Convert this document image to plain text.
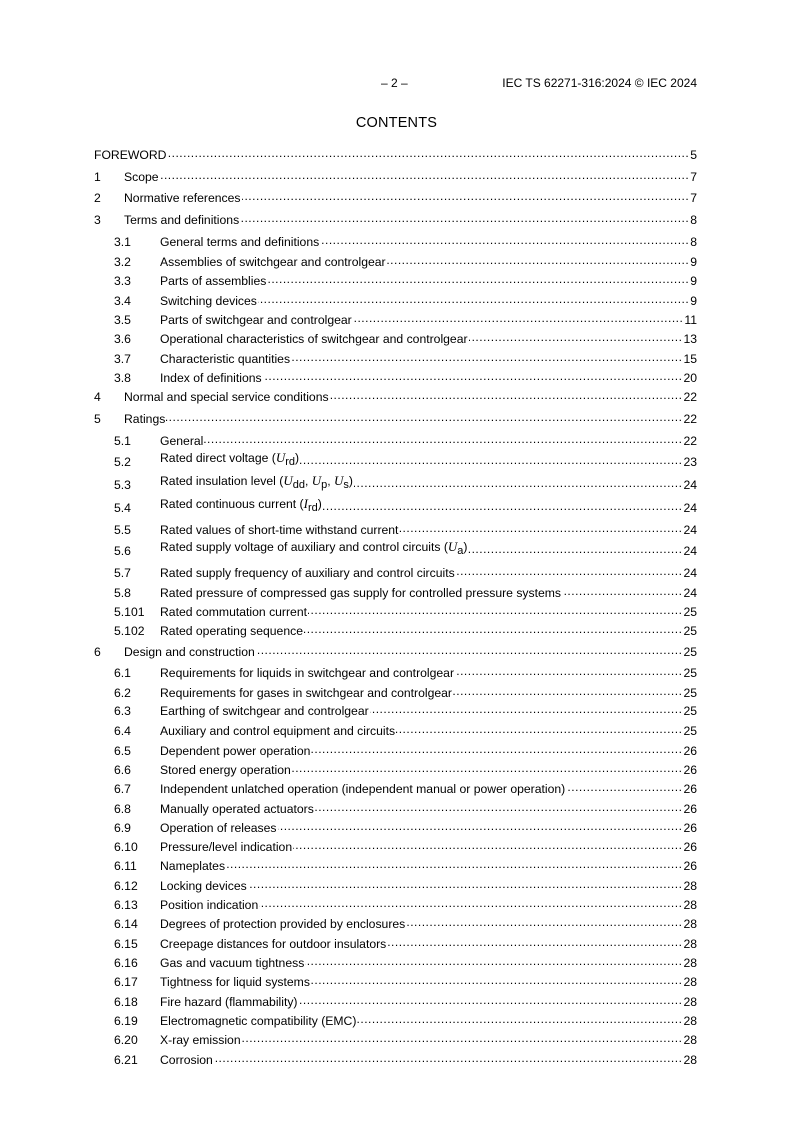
– 2 –	IEC TS 62271-316:2024 © IEC 2024
CONTENTS
FOREWORD .....	5
1	Scope .....	7
2	Normative references .....	7
3	Terms and definitions .....	8
3.1	General terms and definitions .....	8
3.2	Assemblies of switchgear and controlgear .....	9
3.3	Parts of assemblies .....	9
3.4	Switching devices .....	9
3.5	Parts of switchgear and controlgear .....	11
3.6	Operational characteristics of switchgear and controlgear .....	13
3.7	Characteristic quantities .....	15
3.8	Index of definitions .....	20
4	Normal and special service conditions .....	22
5	Ratings .....	22
5.1	General .....	22
5.2	Rated direct voltage $(U_{rd})$ .....	23
5.3	Rated insulation level ($U_{dd}$, $U_p$, $U_s$) .....	24
5.4	Rated continuous current $(I_{rd})$ .....	24
5.5	Rated values of short-time withstand current .....	24
5.6	Rated supply voltage of auxiliary and control circuits $(U_a)$ .....	24
5.7	Rated supply frequency of auxiliary and control circuits .....	24
5.8	Rated pressure of compressed gas supply for controlled pressure systems .....	24
5.101	Rated commutation current .....	25
5.102	Rated operating sequence .....	25
6	Design and construction .....	25
6.1	Requirements for liquids in switchgear and controlgear .....	25
6.2	Requirements for gases in switchgear and controlgear .....	25
6.3	Earthing of switchgear and controlgear .....	25
6.4	Auxiliary and control equipment and circuits .....	25
6.5	Dependent power operation .....	26
6.6	Stored energy operation .....	26
6.7	Independent unlatched operation (independent manual or power operation) .....	26
6.8	Manually operated actuators .....	26
6.9	Operation of releases .....	26
6.10	Pressure/level indication .....	26
6.11	Nameplates .....	26
6.12	Locking devices .....	28
6.13	Position indication .....	28
6.14	Degrees of protection provided by enclosures .....	28
6.15	Creepage distances for outdoor insulators .....	28
6.16	Gas and vacuum tightness .....	28
6.17	Tightness for liquid systems .....	28
6.18	Fire hazard (flammability) .....	28
6.19	Electromagnetic compatibility (EMC) .....	28
6.20	X-ray emission .....	28
6.21	Corrosion .....	28
